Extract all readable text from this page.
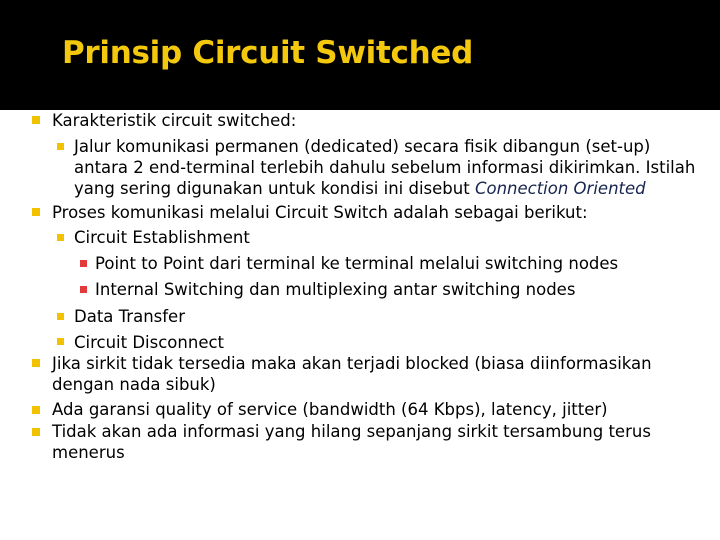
Prinsip Circuit Switched
Karakteristik circuit switched:
Jalur komunikasi permanen (dedicated) secara fisik dibangun (set-up)
antara 2 end-terminal terlebih dahulu sebelum informasi dikirimkan. Istilah
yang sering digunakan untuk kondisi ini disebut Connection Oriented
Proses komunikasi melalui Circuit Switch adalah sebagai berikut:
Circuit Establishment
Point to Point dari terminal ke terminal melalui switching nodes
Internal Switching dan multiplexing antar switching nodes
Data Transfer
Circuit Disconnect
Jika sirkit tidak tersedia maka akan terjadi blocked (biasa diinformasikan
dengan nada sibuk)
Ada garansi quality of service (bandwidth (64 Kbps), latency, jitter)
Tidak akan ada informasi yang hilang sepanjang sirkit tersambung terus
menerus
